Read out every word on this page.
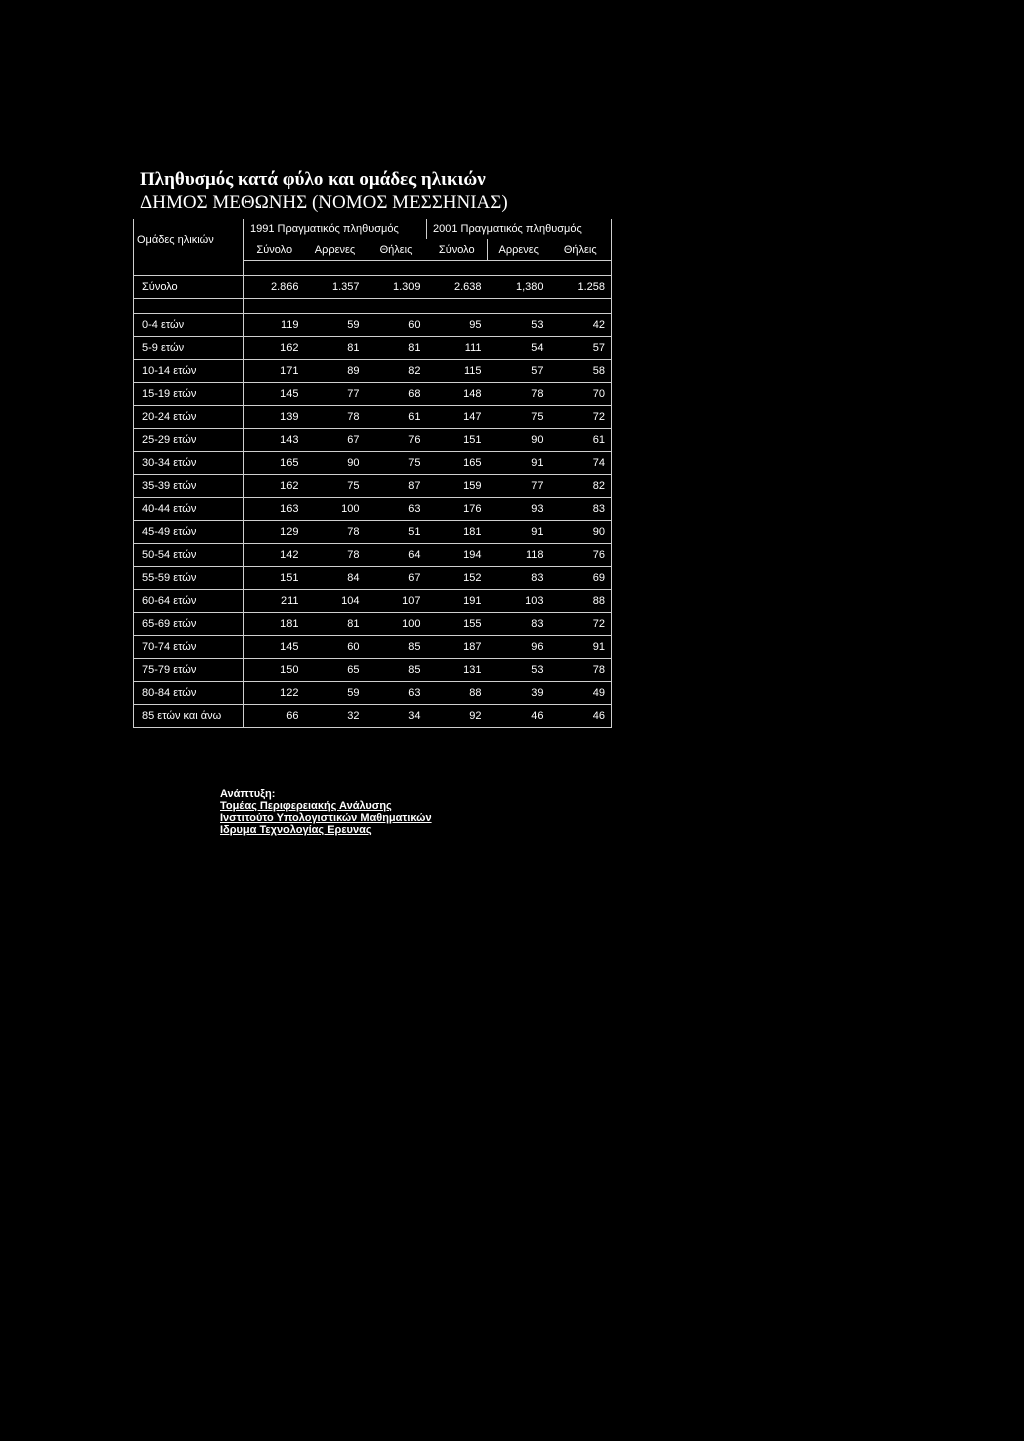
Πληθυσμός κατά φύλο και ομάδες ηλικιών
ΔΗΜΟΣ ΜΕΘΩΝΗΣ (ΝΟΜΟΣ ΜΕΣΣΗΝΙΑΣ)
Ομάδες ηλικιών	1991 Πραγματικός πληθυσμός			2001 Πραγματικός πληθυσμός		
	Σύνολο	Αρρενες	Θήλεις	Σύνολο	Αρρενες	Θήλεις

Σύνολο	2.866	1.357	1.309	2.638	1,380	1.258

0-4 ετών	119	59	60	95	53	42
5-9 ετών	162	81	81	111	54	57
10-14 ετών	171	89	82	115	57	58
15-19 ετών	145	77	68	148	78	70
20-24 ετών	139	78	61	147	75	72
25-29 ετών	143	67	76	151	90	61
30-34 ετών	165	90	75	165	91	74
35-39 ετών	162	75	87	159	77	82
40-44 ετών	163	100	63	176	93	83
45-49 ετών	129	78	51	181	91	90
50-54 ετών	142	78	64	194	118	76
55-59 ετών	151	84	67	152	83	69
60-64 ετών	211	104	107	191	103	88
65-69 ετών	181	81	100	155	83	72
70-74 ετών	145	60	85	187	96	91
75-79 ετών	150	65	85	131	53	78
80-84 ετών	122	59	63	88	39	49
85 ετών και άνω	66	32	34	92	46	46
Ανάπτυξη:
Τομέας Περιφερειακής Ανάλυσης
Ινστιτούτο Υπολογιστικών Μαθηματικών
Ιδρυμα Τεχνολογίας Ερευνας
